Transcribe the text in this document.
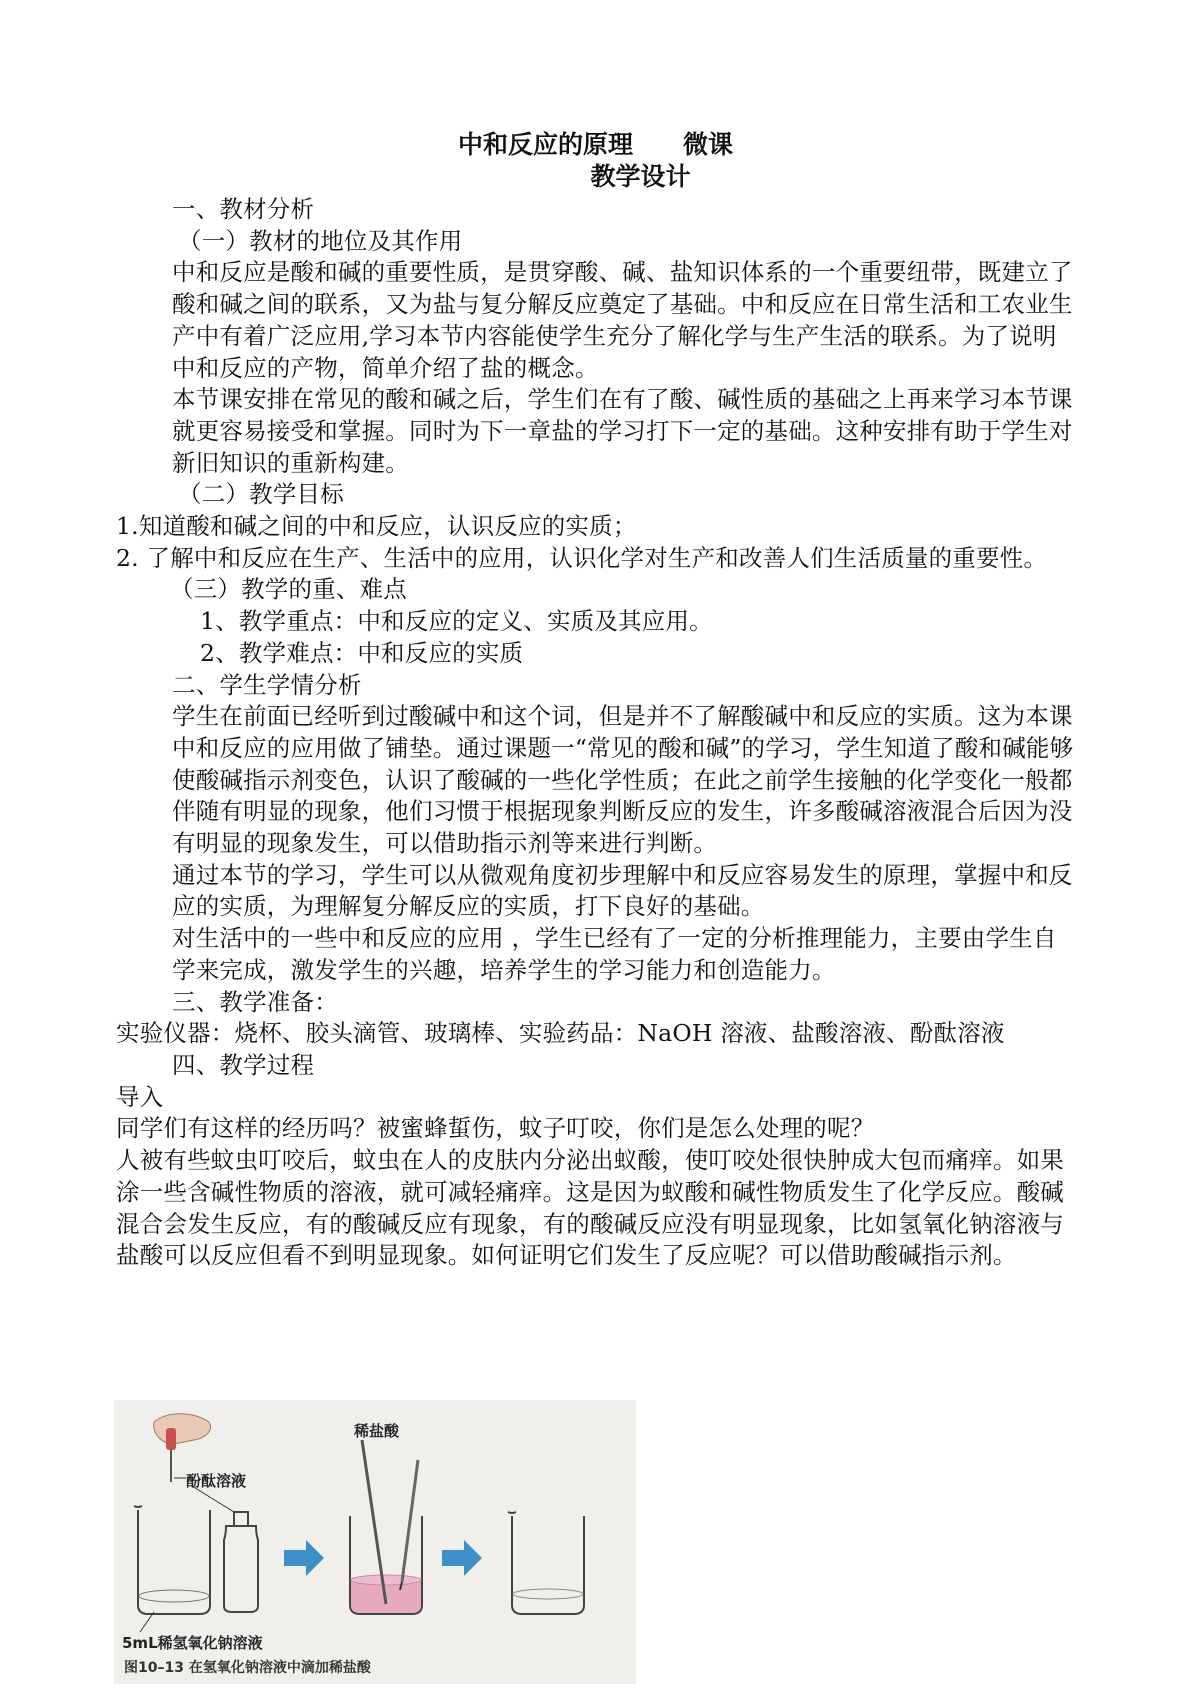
中和反应的原理　　微课
教学设计

一、教材分析

（一）教材的地位及其作用

中和反应是酸和碱的重要性质，是贯穿酸、碱、盐知识体系的一个重要纽带，既建立了酸和碱之间的联系，又为盐与复分解反应奠定了基础。中和反应在日常生活和工农业生产中有着广泛应用,学习本节内容能使学生充分了解化学与生产生活的联系。为了说明中和反应的产物，简单介绍了盐的概念。

本节课安排在常见的酸和碱之后，学生们在有了酸、碱性质的基础之上再来学习本节课就更容易接受和掌握。同时为下一章盐的学习打下一定的基础。这种安排有助于学生对新旧知识的重新构建。

（二）教学目标

1.知道酸和碱之间的中和反应，认识反应的实质；

2. 了解中和反应在生产、生活中的应用，认识化学对生产和改善人们生活质量的重要性。

（三）教学的重、难点

1、教学重点：中和反应的定义、实质及其应用。

2、教学难点：中和反应的实质

二、学生学情分析

学生在前面已经听到过酸碱中和这个词，但是并不了解酸碱中和反应的实质。这为本课中和反应的应用做了铺垫。通过课题一“常见的酸和碱”的学习，学生知道了酸和碱能够使酸碱指示剂变色，认识了酸碱的一些化学性质；在此之前学生接触的化学变化一般都伴随有明显的现象，他们习惯于根据现象判断反应的发生，许多酸碱溶液混合后因为没有明显的现象发生，可以借助指示剂等来进行判断。

通过本节的学习，学生可以从微观角度初步理解中和反应容易发生的原理，掌握中和反应的实质，为理解复分解反应的实质，打下良好的基础。

对生活中的一些中和反应的应用 ，学生已经有了一定的分析推理能力，主要由学生自学来完成，激发学生的兴趣，培养学生的学习能力和创造能力。

三、教学准备：

实验仪器：烧杯、胶头滴管、玻璃棒、实验药品：NaOH 溶液、盐酸溶液、酚酞溶液

四、教学过程

导入

同学们有这样的经历吗？被蜜蜂蜇伤，蚊子叮咬，你们是怎么处理的呢？

人被有些蚊虫叮咬后，蚊虫在人的皮肤内分泌出蚁酸，使叮咬处很快肿成大包而痛痒。如果涂一些含碱性物质的溶液，就可减轻痛痒。这是因为蚁酸和碱性物质发生了化学反应。酸碱混合会发生反应，有的酸碱反应有现象，有的酸碱反应没有明显现象，比如氢氧化钠溶液与盐酸可以反应但看不到明显现象。如何证明它们发生了反应呢？可以借助酸碱指示剂。

酚酞溶液
稀盐酸
5mL稀氢氧化钠溶液
图10–13 在氢氧化钠溶液中滴加稀盐酸
